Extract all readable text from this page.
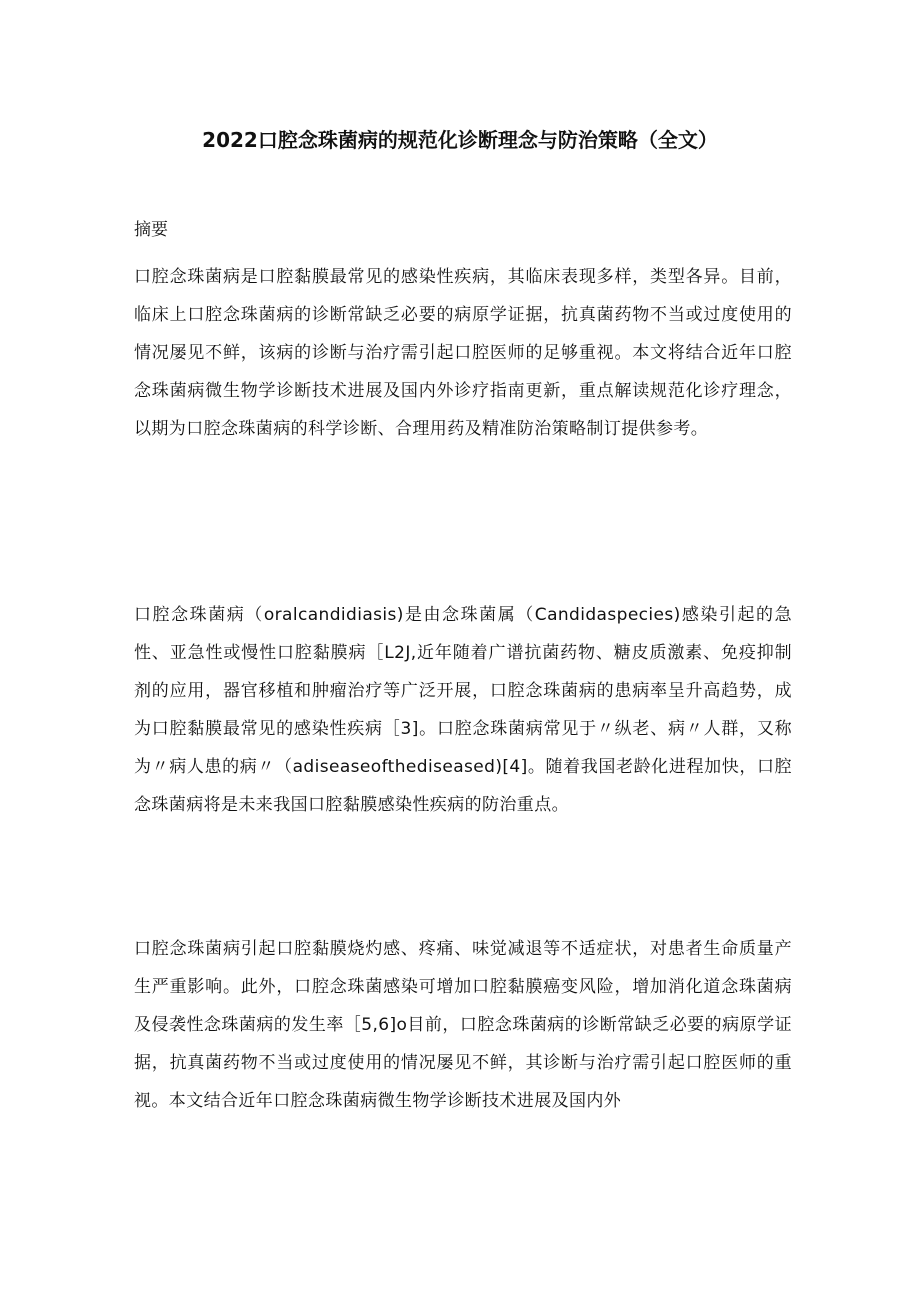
2022口腔念珠菌病的规范化诊断理念与防治策略（全文）
摘要
口腔念珠菌病是口腔黏膜最常见的感染性疾病，其临床表现多样，类型各异。目前，临床上口腔念珠菌病的诊断常缺乏必要的病原学证据，抗真菌药物不当或过度使用的情况屡见不鲜，该病的诊断与治疗需引起口腔医师的足够重视。本文将结合近年口腔念珠菌病微生物学诊断技术进展及国内外诊疗指南更新，重点解读规范化诊疗理念， 以期为口腔念珠菌病的科学诊断、合理用药及精准防治策略制订提供参考。
口腔念珠菌病（oralcandidiasis)是由念珠菌属（Candidaspecies)感染引起的急性、亚急性或慢性口腔黏膜病［L2J,近年随着广谱抗菌药物、糖皮质激素、免疫抑制剂的应用，器官移植和肿瘤治疗等广泛开展，口腔念珠菌病的患病率呈升高趋势，成为口腔黏膜最常见的感染性疾病［3]。口腔念珠菌病常见于〃纵老、病〃人群，又称为〃病人患的病〃（adiseaseofthediseased)[4]。随着我国老龄化进程加快，口腔念珠菌病将是未来我国口腔黏膜感染性疾病的防治重点。
口腔念珠菌病引起口腔黏膜烧灼感、疼痛、味觉减退等不适症状，对患者生命质量产生严重影响。此外，口腔念珠菌感染可增加口腔黏膜癌变风险，增加消化道念珠菌病及侵袭性念珠菌病的发生率［5,6]o目前，口腔念珠菌病的诊断常缺乏必要的病原学证据，抗真菌药物不当或过度使用的情况屡见不鲜，其诊断与治疗需引起口腔医师的重视。本文结合近年口腔念珠菌病微生物学诊断技术进展及国内外
